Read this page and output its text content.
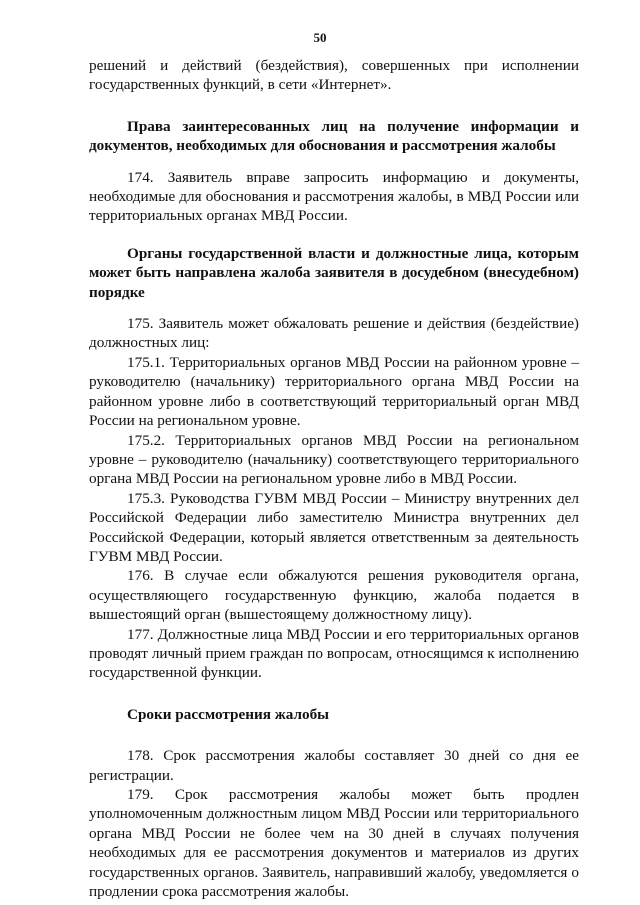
50

решений и действий (бездействия), совершенных при исполнении государственных функций, в сети «Интернет».

Права заинтересованных лиц на получение информации и документов, необходимых для обоснования и рассмотрения жалобы

174. Заявитель вправе запросить информацию и документы, необходимые для обоснования и рассмотрения жалобы, в МВД России или территориальных органах МВД России.

Органы государственной власти и должностные лица, которым может быть направлена жалоба заявителя в досудебном (внесудебном) порядке

175. Заявитель может обжаловать решение и действия (бездействие) должностных лиц:

175.1. Территориальных органов МВД России на районном уровне – руководителю (начальнику) территориального органа МВД России на районном уровне либо в соответствующий территориальный орган МВД России на региональном уровне.

175.2. Территориальных органов МВД России на региональном уровне – руководителю (начальнику) соответствующего территориального органа МВД России на региональном уровне либо в МВД России.

175.3. Руководства ГУВМ МВД России – Министру внутренних дел Российской Федерации либо заместителю Министра внутренних дел Российской Федерации, который является ответственным за деятельность ГУВМ МВД России.

176. В случае если обжалуются решения руководителя органа, осуществляющего государственную функцию, жалоба подается в вышестоящий орган (вышестоящему должностному лицу).

177. Должностные лица МВД России и его территориальных органов проводят личный прием граждан по вопросам, относящимся к исполнению государственной функции.

Сроки рассмотрения жалобы

178. Срок рассмотрения жалобы составляет 30 дней со дня ее регистрации.

179. Срок рассмотрения жалобы может быть продлен уполномоченным должностным лицом МВД России или территориального органа МВД России не более чем на 30 дней в случаях получения необходимых для ее рассмотрения документов и материалов из других государственных органов. Заявитель, направивший жалобу, уведомляется о продлении срока рассмотрения жалобы.
